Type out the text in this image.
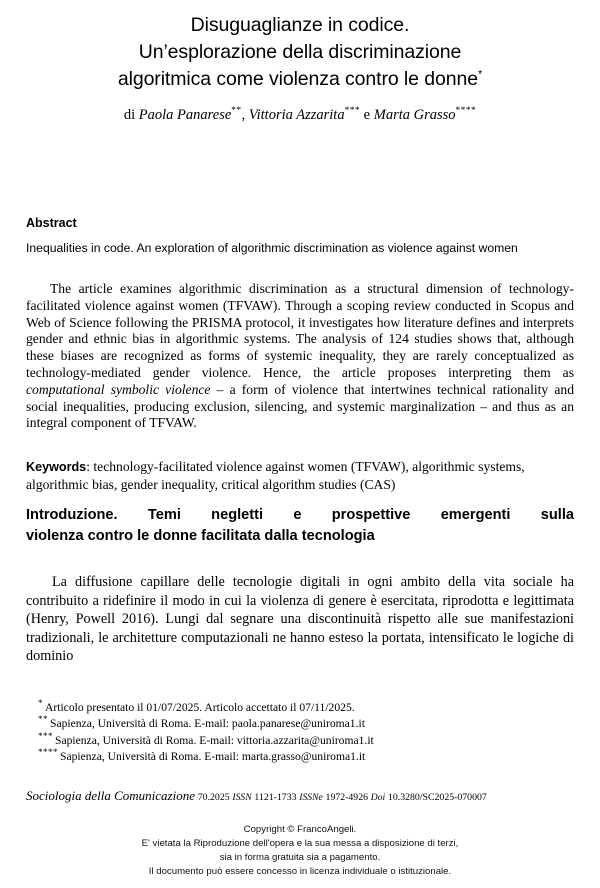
Disuguaglianze in codice.
Un’esplorazione della discriminazione
algoritmica come violenza contro le donne*
di Paola Panarese**, Vittoria Azzarita*** e Marta Grasso****
Abstract
Inequalities in code. An exploration of algorithmic discrimination as violence against women
The article examines algorithmic discrimination as a structural dimension of technology-facilitated violence against women (TFVAW). Through a scoping review conducted in Scopus and Web of Science following the PRISMA protocol, it investigates how literature defines and interprets gender and ethnic bias in algorithmic systems. The analysis of 124 studies shows that, although these biases are recognized as forms of systemic inequality, they are rarely conceptualized as technology-mediated gender violence. Hence, the article proposes interpreting them as computational symbolic violence – a form of violence that intertwines technical rationality and social inequalities, producing exclusion, silencing, and systemic marginalization – and thus as an integral component of TFVAW.
Keywords: technology-facilitated violence against women (TFVAW), algorithmic systems, algorithmic bias, gender inequality, critical algorithm studies (CAS)
Introduzione. Temi negletti e prospettive emergenti sulla
violenza contro le donne facilitata dalla tecnologia
La diffusione capillare delle tecnologie digitali in ogni ambito della vita sociale ha contribuito a ridefinire il modo in cui la violenza di genere è esercitata, riprodotta e legittimata (Henry, Powell 2016). Lungi dal segnare una discontinuità rispetto alle sue manifestazioni tradizionali, le architetture computazionali ne hanno esteso la portata, intensificato le logiche di dominio
* Articolo presentato il 01/07/2025. Articolo accettato il 07/11/2025.
** Sapienza, Università di Roma. E-mail: paola.panarese@uniroma1.it
*** Sapienza, Università di Roma. E-mail: vittoria.azzarita@uniroma1.it
**** Sapienza, Università di Roma. E-mail: marta.grasso@uniroma1.it
Sociologia della Comunicazione 70.2025 ISSN 1121-1733 ISSNe 1972-4926 Doi 10.3280/SC2025-070007
Copyright © FrancoAngeli.
E' vietata la Riproduzione dell'opera e la sua messa a disposizione di terzi,
sia in forma gratuita sia a pagamento.
Il documento può essere concesso in licenza individuale o istituzionale.
